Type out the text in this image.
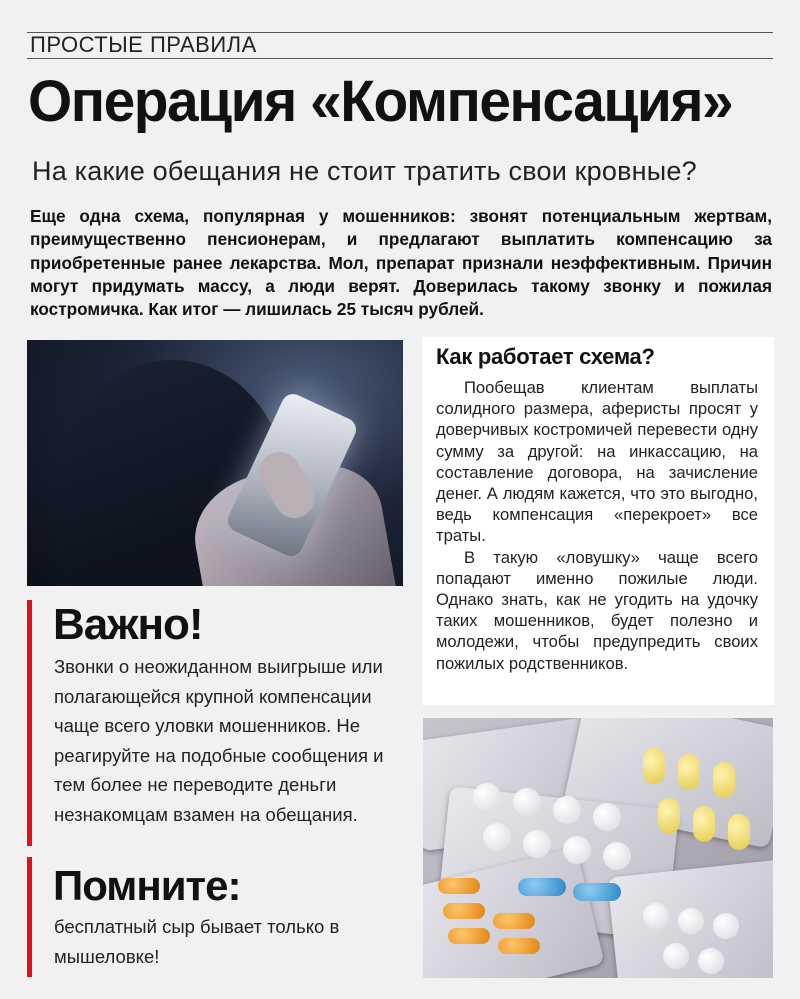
ПРОСТЫЕ ПРАВИЛА
Операция «Компенсация»
На какие обещания не стоит тратить свои кровные?
Еще одна схема, популярная у мошенников: звонят потенциальным жертвам, преимущественно пенсионерам, и предлагают выплатить компенсацию за приобретенные ранее лекарства. Мол, препарат признали неэффективным. Причин могут придумать массу, а люди верят. Доверилась такому звонку и пожилая костромичка. Как итог — лишилась 25 тысяч рублей.
Как работает схема?

Пообещав клиентам выплаты солидного размера, аферисты просят у доверчивых костромичей перевести одну сумму за другой: на инкассацию, на составление договора, на зачисление денег. А людям кажется, что это выгодно, ведь компенсация «перекроет» все траты.

В такую «ловушку» чаще всего попадают именно пожилые люди. Однако знать, как не угодить на удочку таких мошенников, будет полезно и молодежи, чтобы предупредить своих пожилых родственников.

Важно!
Звонки о неожиданном выигрыше или полагающейся крупной компенсации чаще всего уловки мошенников. Не реагируйте на подобные сообщения и тем более не переводите деньги незнакомцам взамен на обещания.
Помните:
бесплатный сыр бывает только в мышеловке!
